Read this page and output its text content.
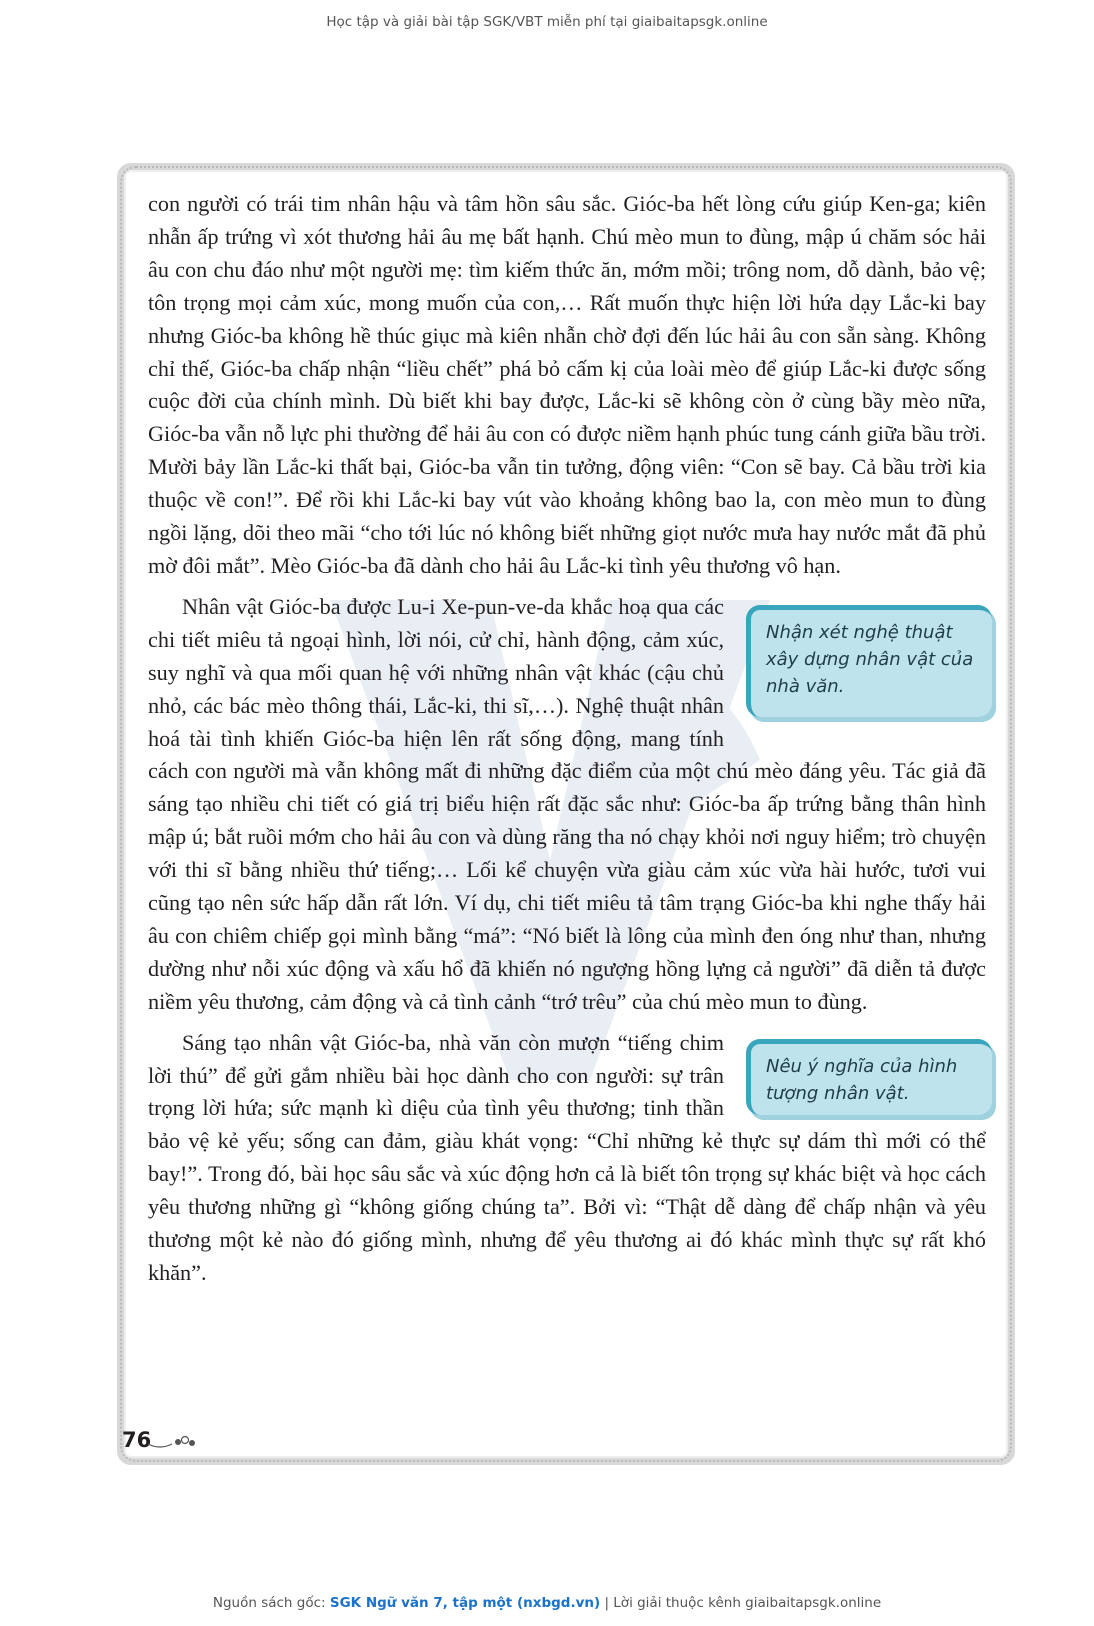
Học tập và giải bài tập SGK/VBT miễn phí tại giaibaitapsgk.online

con người có trái tim nhân hậu và tâm hồn sâu sắc. Gióc-ba hết lòng cứu giúp Ken-ga; kiên nhẫn ấp trứng vì xót thương hải âu mẹ bất hạnh. Chú mèo mun to đùng, mập ú chăm sóc hải âu con chu đáo như một người mẹ: tìm kiếm thức ăn, mớm mồi; trông nom, dỗ dành, bảo vệ; tôn trọng mọi cảm xúc, mong muốn của con,… Rất muốn thực hiện lời hứa dạy Lắc-ki bay nhưng Gióc-ba không hề thúc giục mà kiên nhẫn chờ đợi đến lúc hải âu con sẵn sàng. Không chỉ thế, Gióc-ba chấp nhận “liều chết” phá bỏ cấm kị của loài mèo để giúp Lắc-ki được sống cuộc đời của chính mình. Dù biết khi bay được, Lắc-ki sẽ không còn ở cùng bầy mèo nữa, Gióc-ba vẫn nỗ lực phi thường để hải âu con có được niềm hạnh phúc tung cánh giữa bầu trời. Mười bảy lần Lắc-ki thất bại, Gióc-ba vẫn tin tưởng, động viên: “Con sẽ bay. Cả bầu trời kia thuộc về con!”. Để rồi khi Lắc-ki bay vút vào khoảng không bao la, con mèo mun to đùng ngồi lặng, dõi theo mãi “cho tới lúc nó không biết những giọt nước mưa hay nước mắt đã phủ mờ đôi mắt”. Mèo Gióc-ba đã dành cho hải âu Lắc-ki tình yêu thương vô hạn.

Nhận xét nghệ thuật xây dựng nhân vật của nhà văn.
Nhân vật Gióc-ba được Lu-i Xe-pun-ve-da khắc hoạ qua các chi tiết miêu tả ngoại hình, lời nói, cử chỉ, hành động, cảm xúc, suy nghĩ và qua mối quan hệ với những nhân vật khác (cậu chủ nhỏ, các bác mèo thông thái, Lắc-ki, thi sĩ,…). Nghệ thuật nhân hoá tài tình khiến Gióc-ba hiện lên rất sống động, mang tính cách con người mà vẫn không mất đi những đặc điểm của một chú mèo đáng yêu. Tác giả đã sáng tạo nhiều chi tiết có giá trị biểu hiện rất đặc sắc như: Gióc-ba ấp trứng bằng thân hình mập ú; bắt ruồi mớm cho hải âu con và dùng răng tha nó chạy khỏi nơi nguy hiểm; trò chuyện với thi sĩ bằng nhiều thứ tiếng;… Lối kể chuyện vừa giàu cảm xúc vừa hài hước, tươi vui cũng tạo nên sức hấp dẫn rất lớn. Ví dụ, chi tiết miêu tả tâm trạng Gióc-ba khi nghe thấy hải âu con chiêm chiếp gọi mình bằng “má”: “Nó biết là lông của mình đen óng như than, nhưng dường như nỗi xúc động và xấu hổ đã khiến nó ngượng hồng lựng cả người” đã diễn tả được niềm yêu thương, cảm động và cả tình cảnh “trớ trêu” của chú mèo mun to đùng.

Nêu ý nghĩa của hình tượng nhân vật.
Sáng tạo nhân vật Gióc-ba, nhà văn còn mượn “tiếng chim lời thú” để gửi gắm nhiều bài học dành cho con người: sự trân trọng lời hứa; sức mạnh kì diệu của tình yêu thương; tinh thần bảo vệ kẻ yếu; sống can đảm, giàu khát vọng: “Chỉ những kẻ thực sự dám thì mới có thể bay!”. Trong đó, bài học sâu sắc và xúc động hơn cả là biết tôn trọng sự khác biệt và học cách yêu thương những gì “không giống chúng ta”. Bởi vì: “Thật dễ dàng để chấp nhận và yêu thương một kẻ nào đó giống mình, nhưng để yêu thương ai đó khác mình thực sự rất khó khăn”.

76
Nguồn sách gốc: SGK Ngữ văn 7, tập một (nxbgd.vn) | Lời giải thuộc kênh giaibaitapsgk.online
